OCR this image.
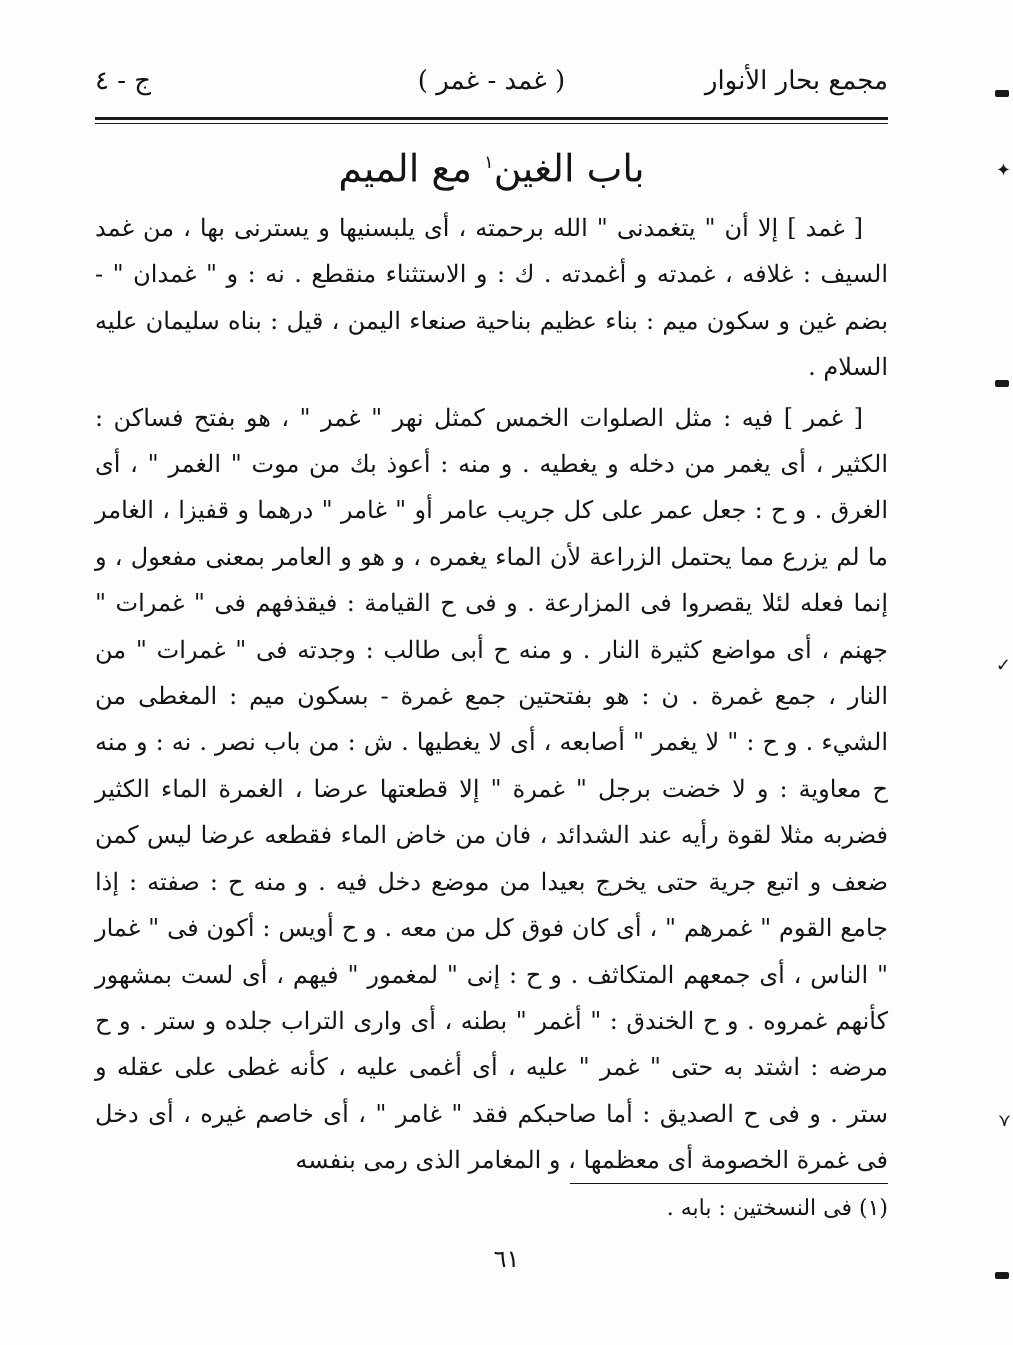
مجمع بحار الأنوار
( غمد - غمر )
ج - ٤
باب الغين$^١$ مع الميم

[ غمد ] إلا أن " يتغمدنى " الله برحمته ، أى يلبسنيها و يسترنى بها ، من غمد السيف : غلافه ، غمدته و أغمدته . ك : و الاستثناء منقطع . نه : و " غمدان " - بضم غين و سكون ميم : بناء عظيم بناحية صنعاء اليمن ، قيل : بناه سليمان عليه السلام .

[ غمر ] فيه : مثل الصلوات الخمس كمثل نهر " غمر " ، هو بفتح فساكن : الكثير ، أى يغمر من دخله و يغطيه . و منه : أعوذ بك من موت " الغمر " ، أى الغرق . و ح : جعل عمر على كل جريب عامر أو " غامر " درهما و قفيزا ، الغامر ما لم يزرع مما يحتمل الزراعة لأن الماء يغمره ، و هو و العامر بمعنى مفعول ، و إنما فعله لئلا يقصروا فى المزارعة . و فى ح القيامة : فيقذفهم فى " غمرات " جهنم ، أى مواضع كثيرة النار . و منه ح أبى طالب : وجدته فى " غمرات " من النار ، جمع غمرة . ن : هو بفتحتين جمع غمرة - بسكون ميم : المغطى من الشيء . و ح : " لا يغمر " أصابعه ، أى لا يغطيها . ش : من باب نصر . نه : و منه ح معاوية : و لا خضت برجل " غمرة " إلا قطعتها عرضا ، الغمرة الماء الكثير فضربه مثلا لقوة رأيه عند الشدائد ، فان من خاض الماء فقطعه عرضا ليس كمن ضعف و اتبع جرية حتى يخرج بعيدا من موضع دخل فيه . و منه ح : صفته : إذا جامع القوم " غمرهم " ، أى كان فوق كل من معه . و ح أويس : أكون فى " غمار " الناس ، أى جمعهم المتكاثف . و ح : إنى " لمغمور " فيهم ، أى لست بمشهور كأنهم غمروه . و ح الخندق : " أغمر " بطنه ، أى وارى التراب جلده و ستر . و ح مرضه : اشتد به حتى " غمر " عليه ، أى أغمى عليه ، كأنه غطى على عقله و ستر . و فى ح الصديق : أما صاحبكم فقد " غامر " ، أى خاصم غيره ، أى دخل فى غمرة الخصومة أى معظمها ، و المغامر الذى رمى بنفسه

(١) فى النسختين : بابه .
٦١
✦
✓
⋎
